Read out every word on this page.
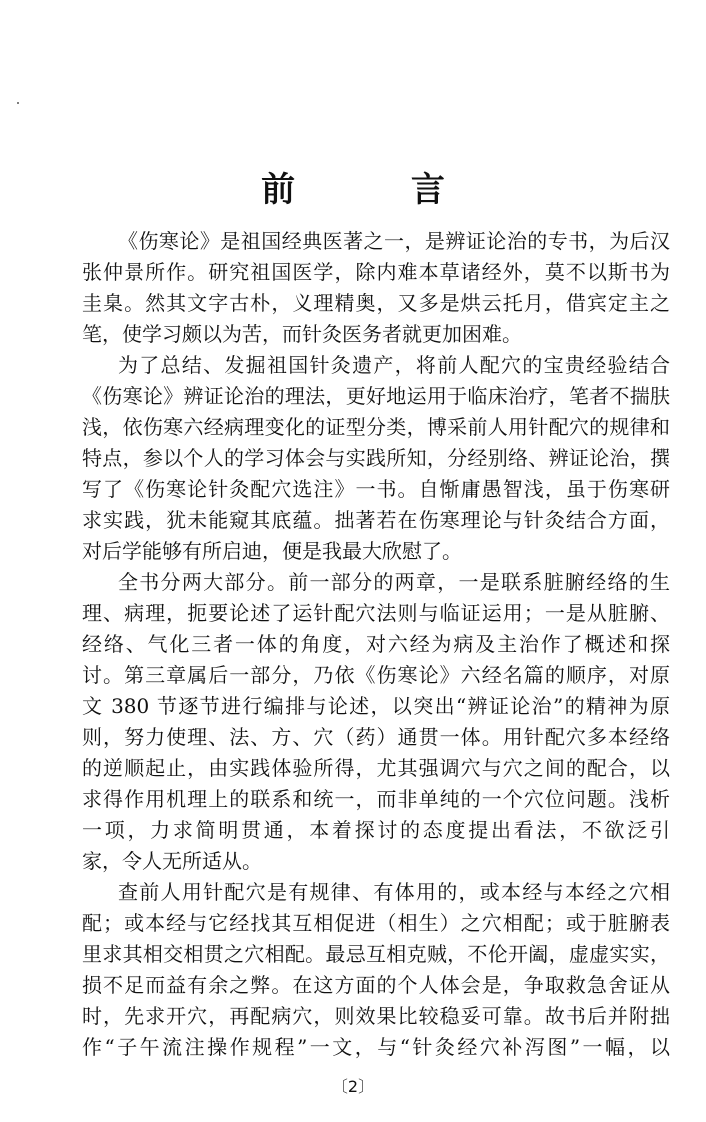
前 言
《伤寒论》是祖国经典医著之一，是辨证论治的专书，为后汉
张仲景所作。研究祖国医学，除内难本草诸经外，莫不以斯书为
圭臬。然其文字古朴，义理精奥，又多是烘云托月，借宾定主之
笔，使学习颇以为苦，而针灸医务者就更加困难。
为了总结、发掘祖国针灸遗产，将前人配穴的宝贵经验结合
《伤寒论》辨证论治的理法，更好地运用于临床治疗，笔者不揣肤
浅，依伤寒六经病理变化的证型分类，博采前人用针配穴的规律和
特点，参以个人的学习体会与实践所知，分经别络、辨证论治，撰
写了《伤寒论针灸配穴选注》一书。自惭庸愚智浅，虽于伤寒研
求实践，犹未能窥其底蕴。拙著若在伤寒理论与针灸结合方面，
对后学能够有所启迪，便是我最大欣慰了。
全书分两大部分。前一部分的两章，一是联系脏腑经络的生
理、病理，扼要论述了运针配穴法则与临证运用；一是从脏腑、
经络、气化三者一体的角度，对六经为病及主治作了概述和探
讨。第三章属后一部分，乃依《伤寒论》六经名篇的顺序，对原
文 380 节逐节进行编排与论述，以突出“辨证论治”的精神为原
则，努力使理、法、方、穴（药）通贯一体。用针配穴多本经络
的逆顺起止，由实践体验所得，尤其强调穴与穴之间的配合，以
求得作用机理上的联系和统一，而非单纯的一个穴位问题。浅析
一项，力求简明贯通，本着探讨的态度提出看法，不欲泛引
家，令人无所适从。
查前人用针配穴是有规律、有体用的，或本经与本经之穴相
配；或本经与它经找其互相促进（相生）之穴相配；或于脏腑表
里求其相交相贯之穴相配。最忌互相克贼，不伦开阖，虚虚实实，
损不足而益有余之弊。在这方面的个人体会是，争取救急舍证从
时，先求开穴，再配病穴，则效果比较稳妥可靠。故书后并附拙
作“子午流注操作规程”一文，与“针灸经穴补泻图”一幅，以
〔2〕
